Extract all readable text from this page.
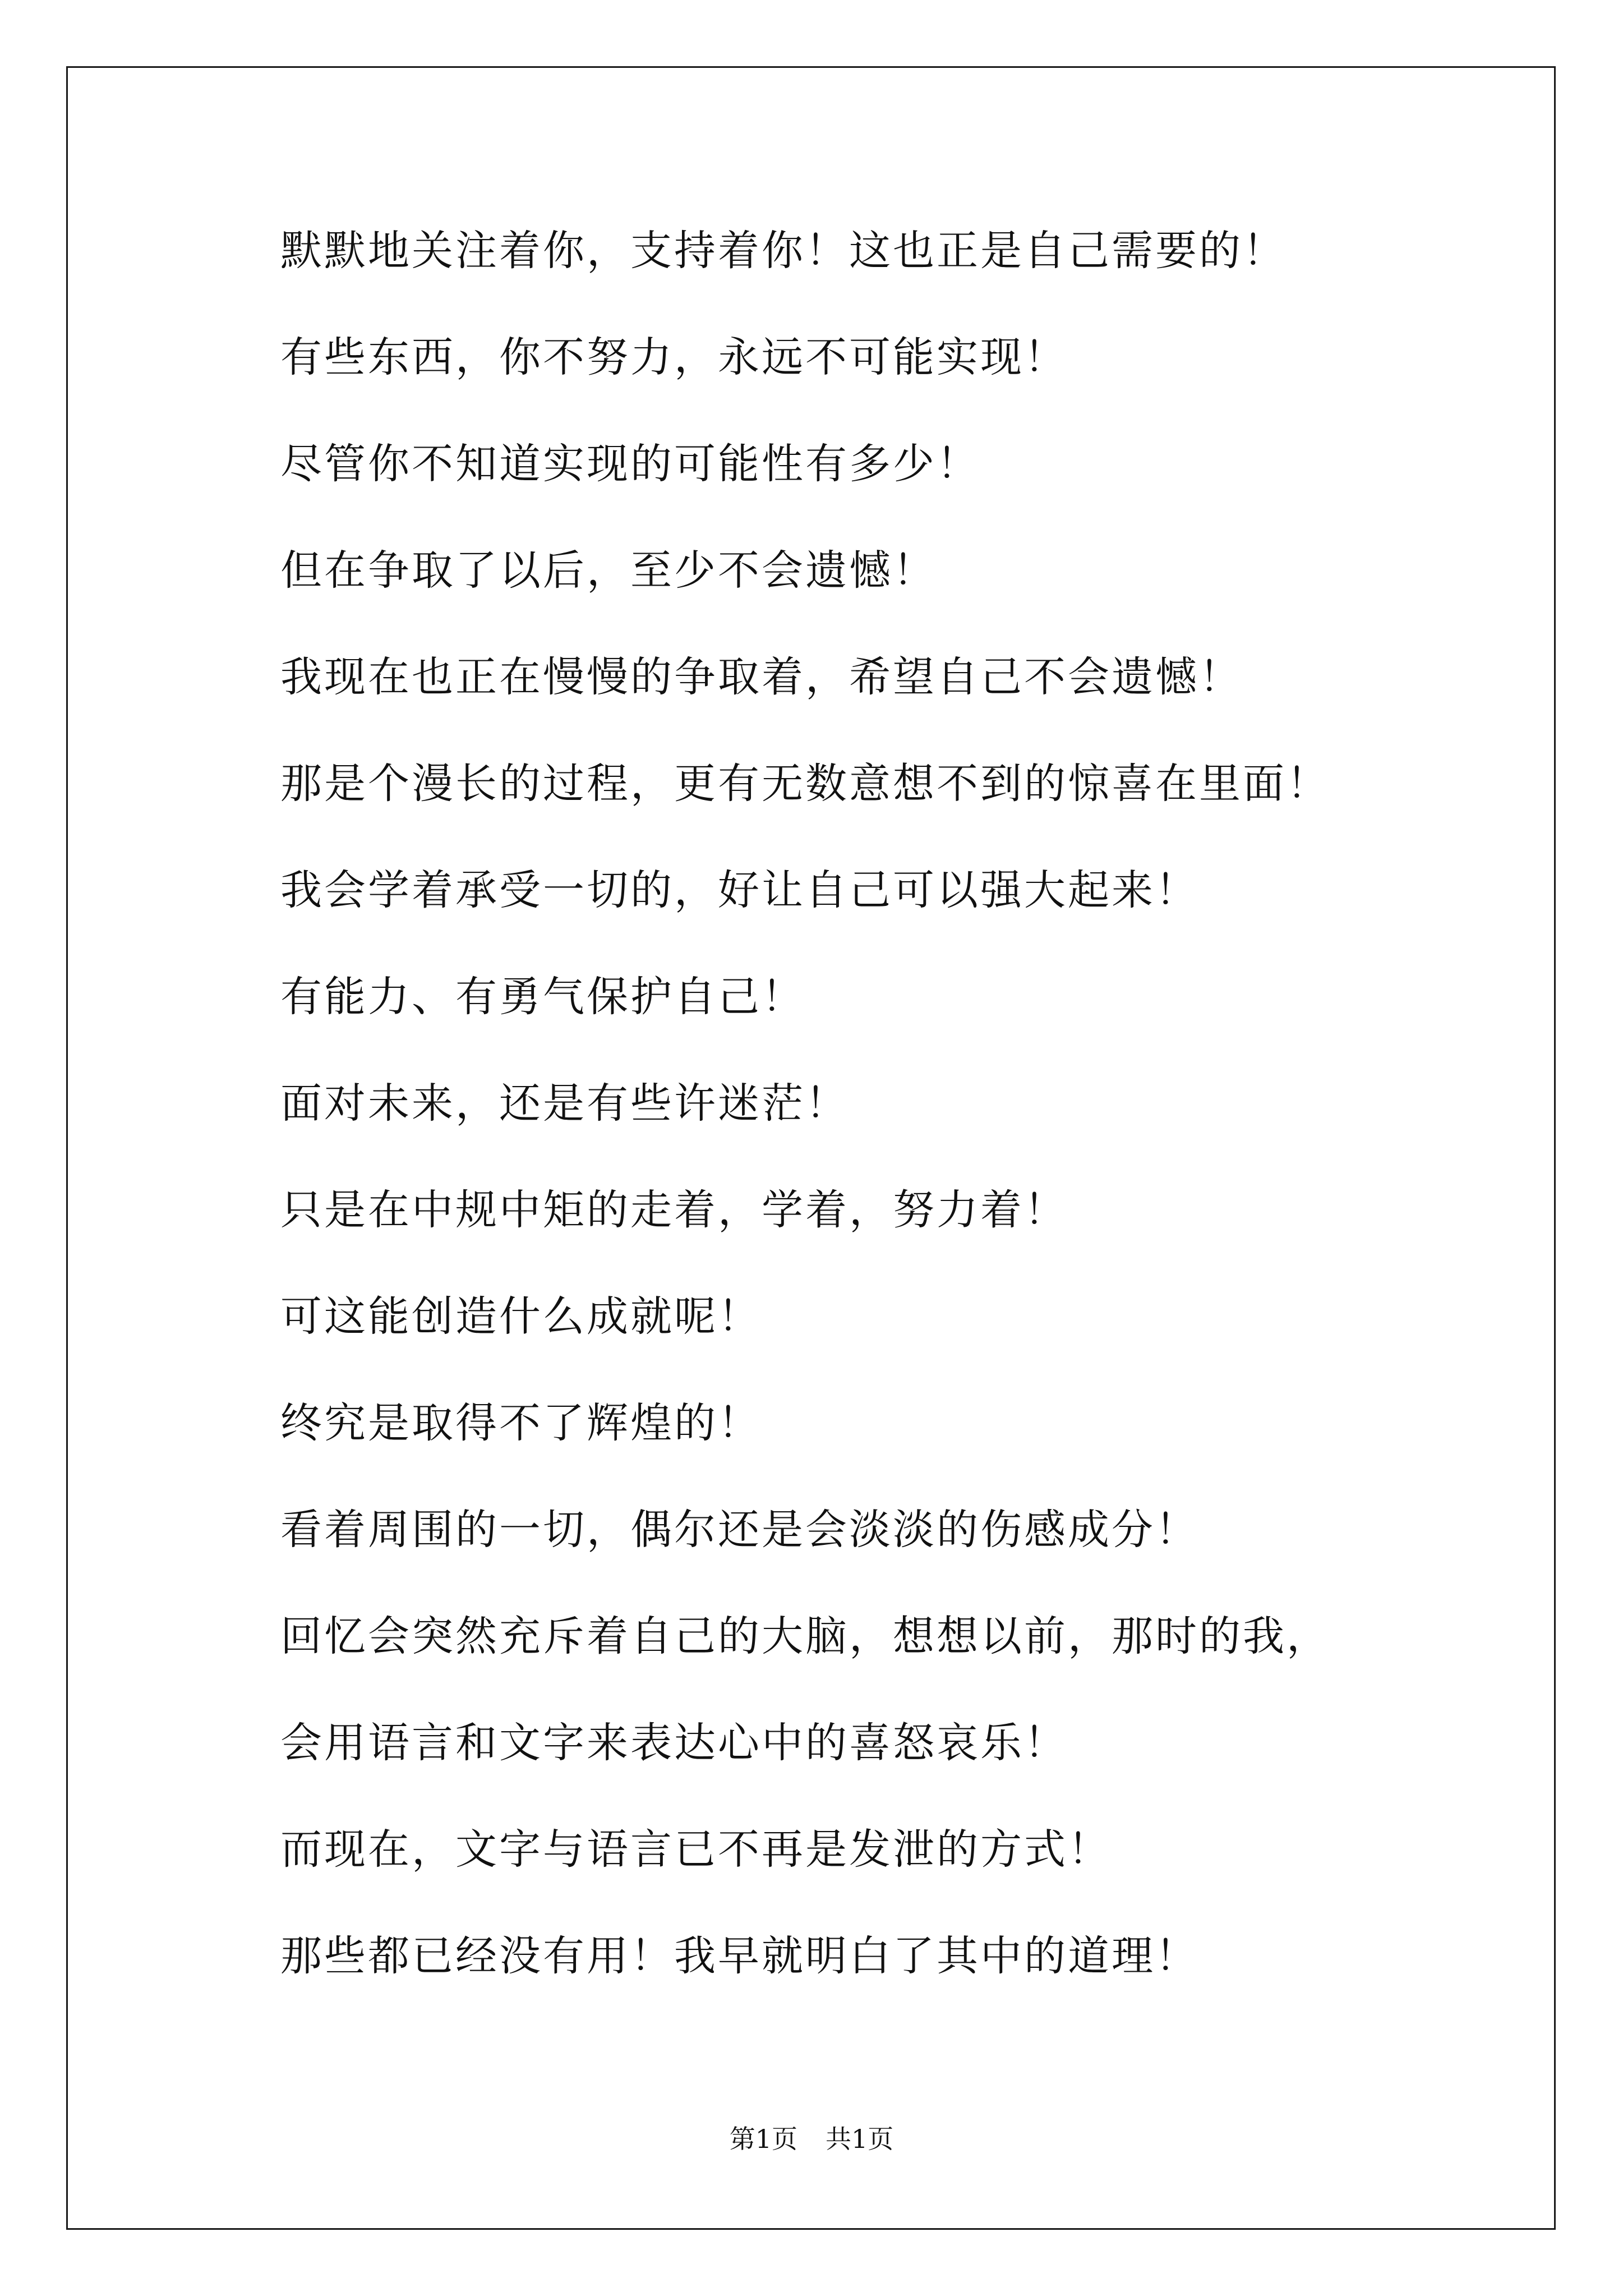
默默地关注着你，支持着你！这也正是自己需要的！
有些东西，你不努力，永远不可能实现！
尽管你不知道实现的可能性有多少！
但在争取了以后，至少不会遗憾！
我现在也正在慢慢的争取着，希望自己不会遗憾！
那是个漫长的过程，更有无数意想不到的惊喜在里面！
我会学着承受一切的，好让自己可以强大起来！
有能力、有勇气保护自己！
面对未来，还是有些许迷茫！
只是在中规中矩的走着，学着，努力着！
可这能创造什么成就呢！
终究是取得不了辉煌的！
看着周围的一切，偶尔还是会淡淡的伤感成分！
回忆会突然充斥着自己的大脑，想想以前，那时的我，
会用语言和文字来表达心中的喜怒哀乐！
而现在，文字与语言已不再是发泄的方式！
那些都已经没有用！我早就明白了其中的道理！
第1页 共1页
